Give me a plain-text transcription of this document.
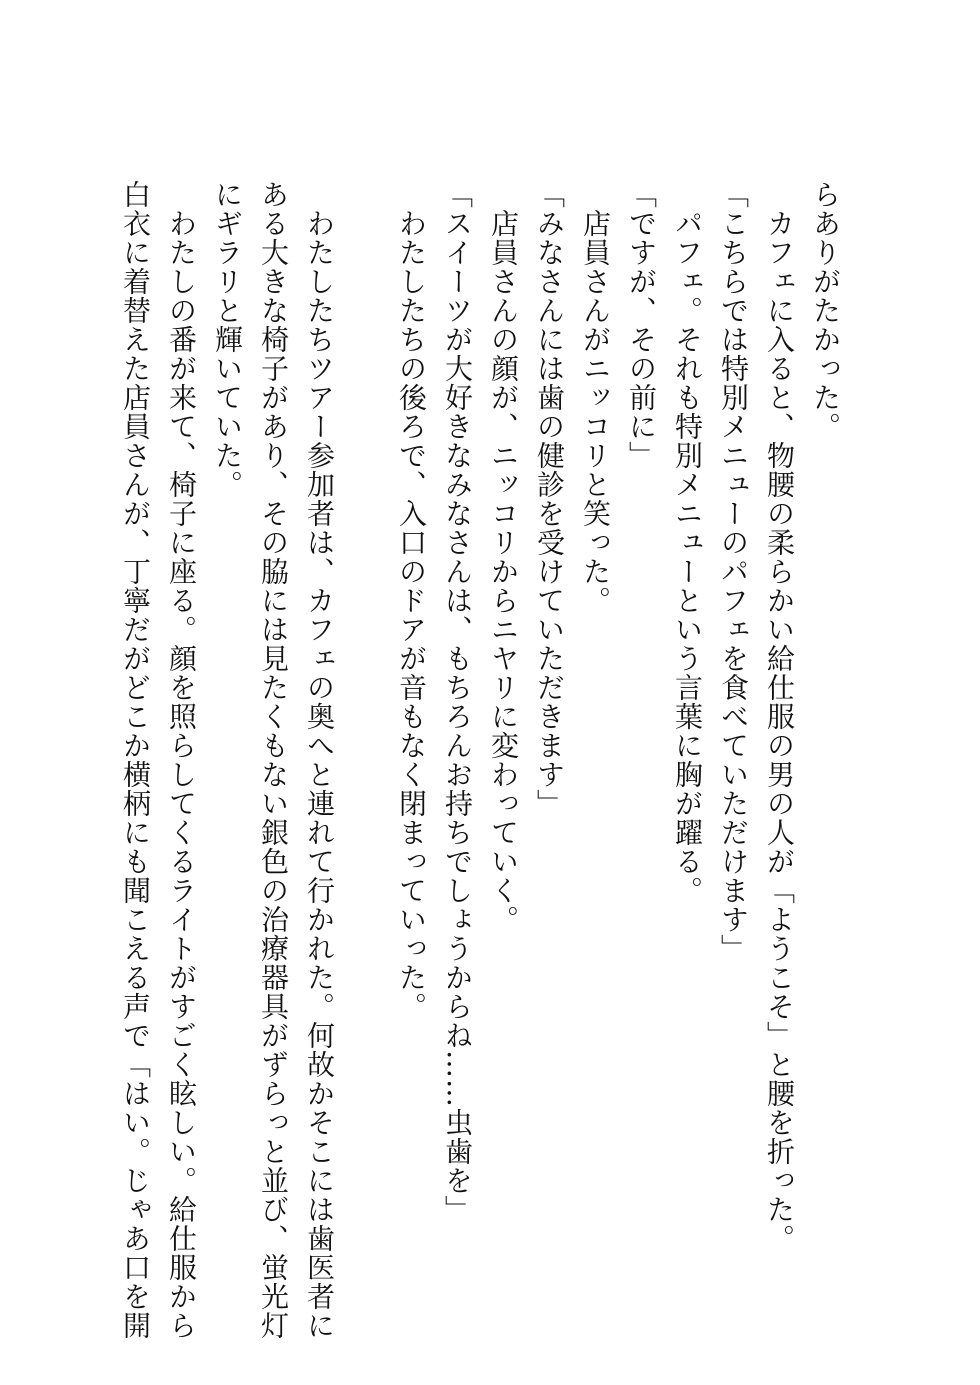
らありがたかった。
　カフェに入ると、物腰の柔らかい給仕服の男の人が「ようこそ」と腰を折った。
「こちらでは特別メニューのパフェを食べていただけます」
　パフェ。それも特別メニューという言葉に胸が躍る。
「ですが、その前に」
　店員さんがニッコリと笑った。
「みなさんには歯の健診を受けていただきます」
　店員さんの顔が、ニッコリからニヤリに変わっていく。
「スイーツが大好きなみなさんは、もちろんお持ちでしょうからね……虫歯を」
　わたしたちの後ろで、入口のドアが音もなく閉まっていった。
　わたしたちツアー参加者は、カフェの奥へと連れて行かれた。何故かそこには歯医者に
ある大きな椅子があり、その脇には見たくもない銀色の治療器具がずらっと並び、蛍光灯
にギラリと輝いていた。
　わたしの番が来て、椅子に座る。顔を照らしてくるライトがすごく眩しい。給仕服から
白衣に着替えた店員さんが、丁寧だがどこか横柄にも聞こえる声で「はい。じゃあ口を開
